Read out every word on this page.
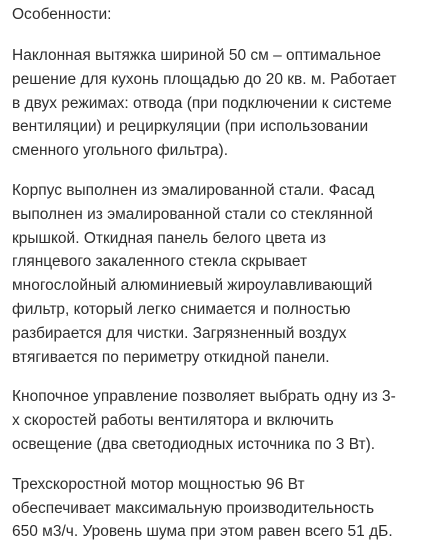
Особенности:

Наклонная вытяжка шириной 50 см – оптимальное
решение для кухонь площадью до 20 кв. м. Работает
в двух режимах: отвода (при подключении к системе
вентиляции) и рециркуляции (при использовании
сменного угольного фильтра).

Корпус выполнен из эмалированной стали. Фасад
выполнен из эмалированной стали со стеклянной
крышкой. Откидная панель белого цвета из
глянцевого закаленного стекла скрывает
многослойный алюминиевый жироулавливающий
фильтр, который легко снимается и полностью
разбирается для чистки. Загрязненный воздух
втягивается по периметру откидной панели.

Кнопочное управление позволяет выбрать одну из 3-
х скоростей работы вентилятора и включить
освещение (два светодиодных источника по 3 Вт).

Трехскоростной мотор мощностью 96 Вт
обеспечивает максимальную производительность
650 м3/ч. Уровень шума при этом равен всего 51 дБ.
